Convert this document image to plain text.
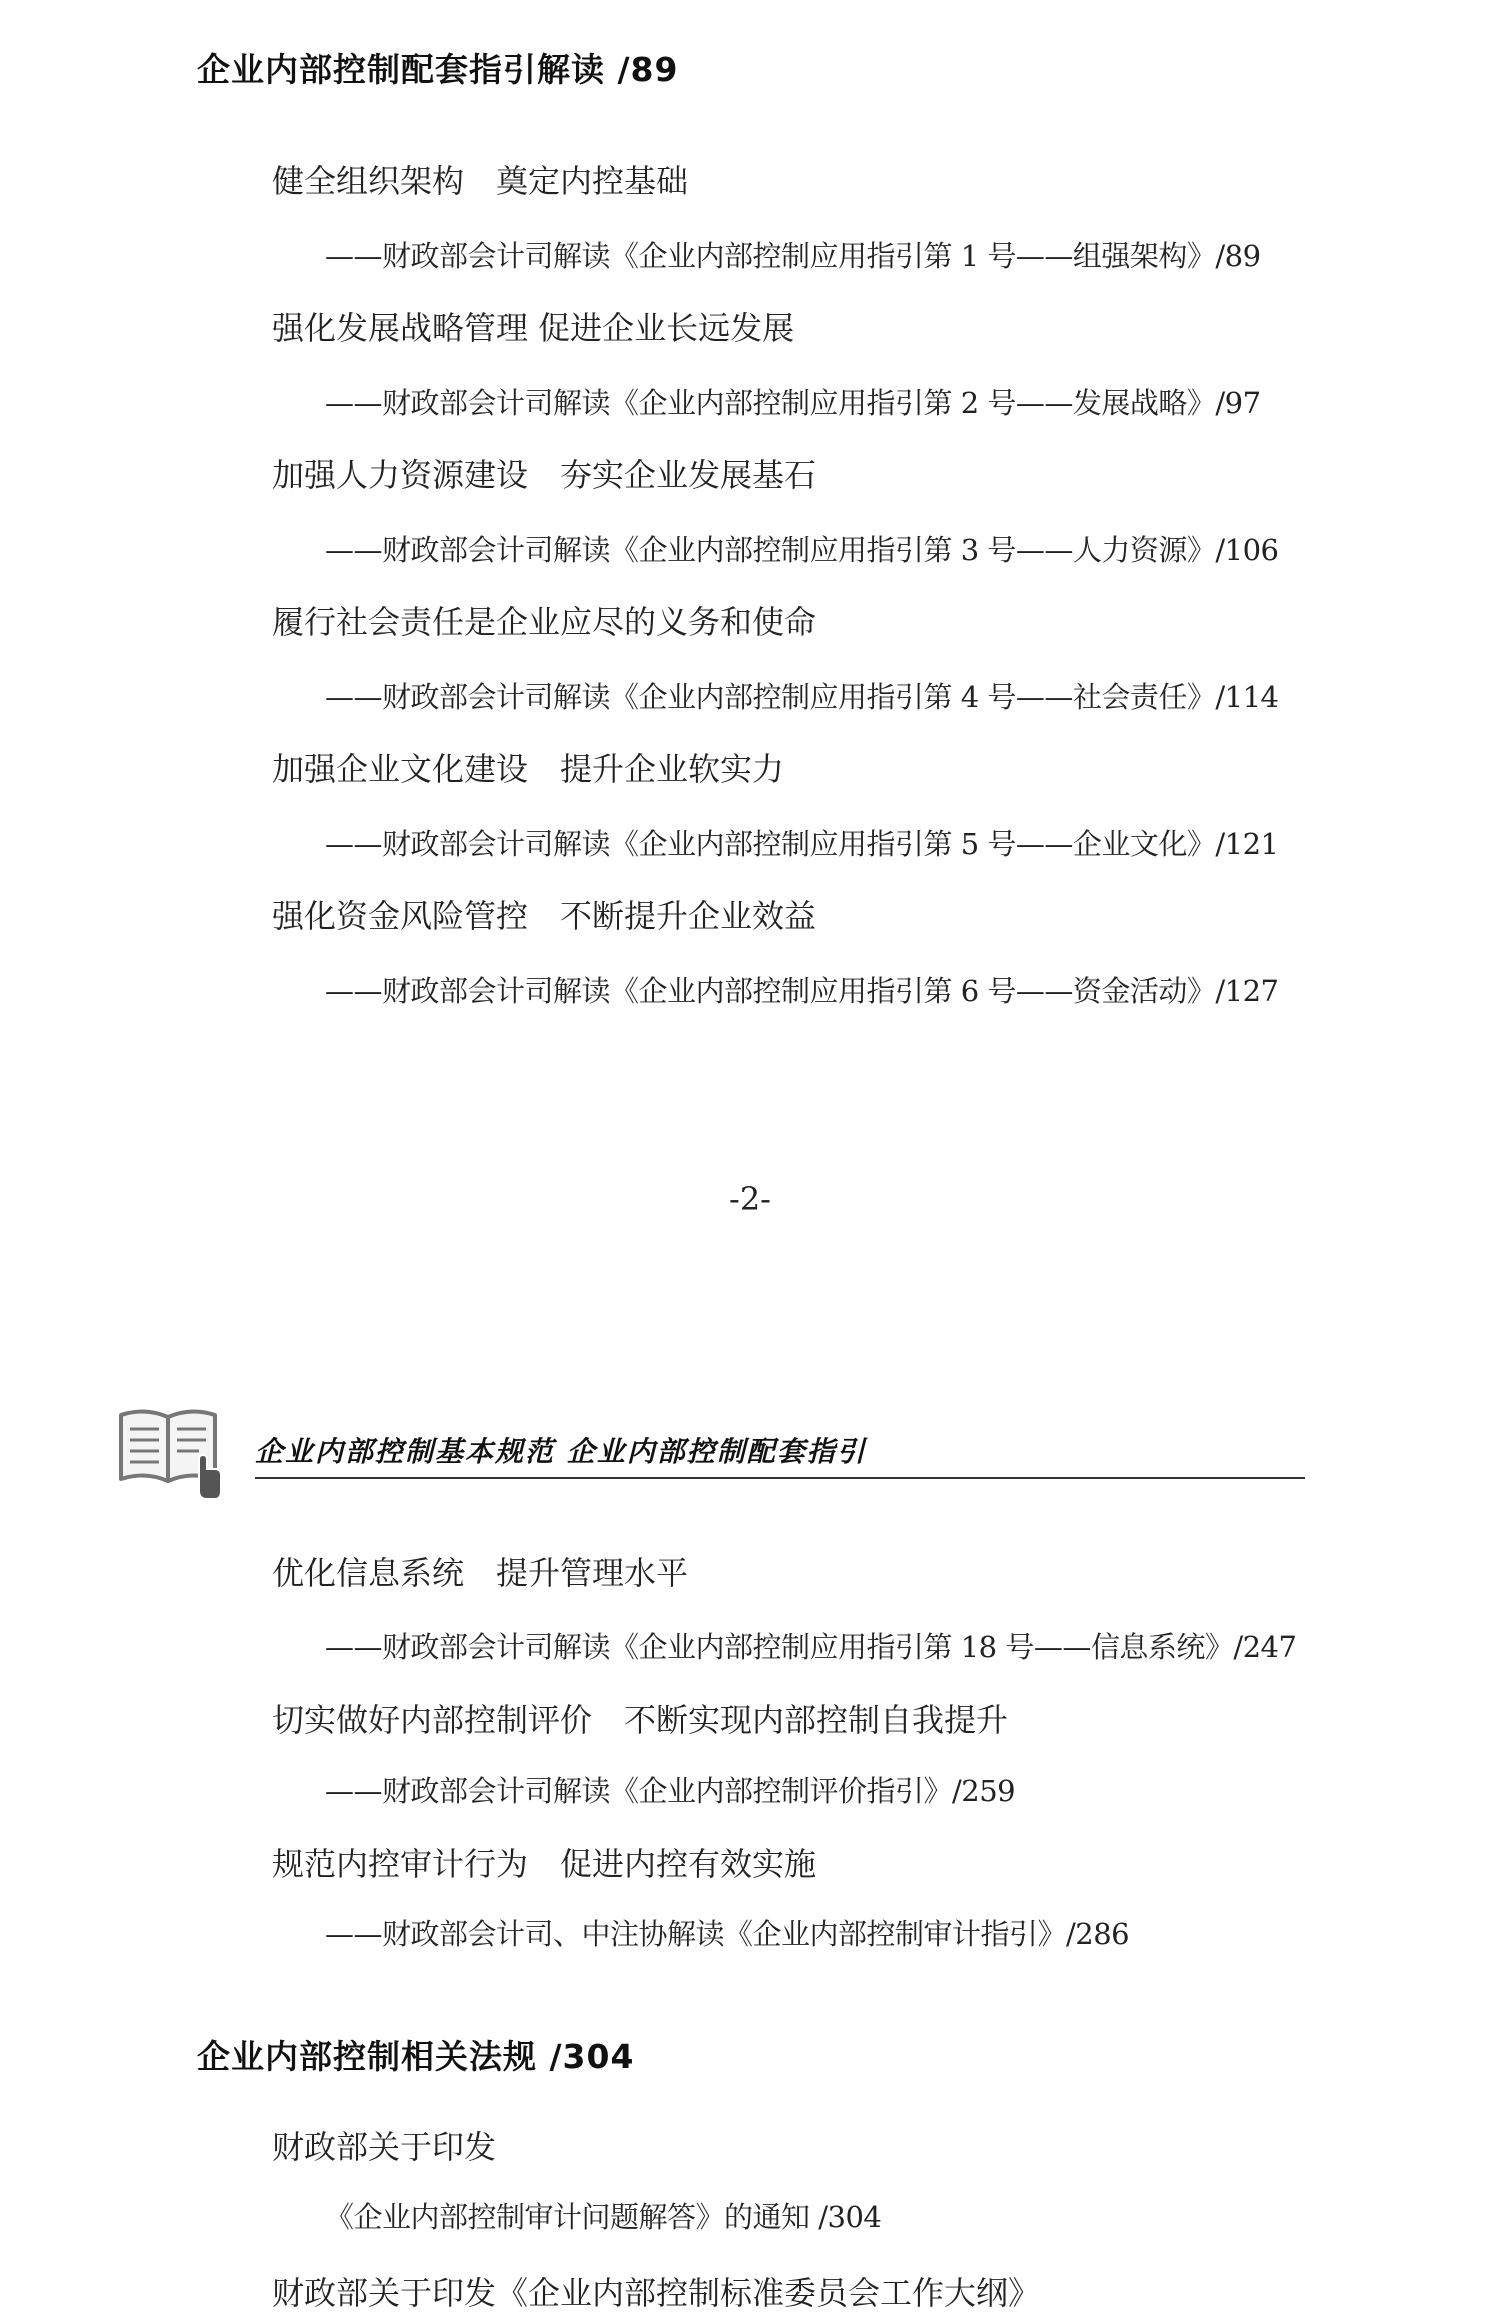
企业内部控制配套指引解读 /89
健全组织架构　奠定内控基础
——财政部会计司解读《企业内部控制应用指引第 1 号——组强架构》/89
强化发展战略管理 促进企业长远发展
——财政部会计司解读《企业内部控制应用指引第 2 号——发展战略》/97
加强人力资源建设　夯实企业发展基石
——财政部会计司解读《企业内部控制应用指引第 3 号——人力资源》/106
履行社会责任是企业应尽的义务和使命
——财政部会计司解读《企业内部控制应用指引第 4 号——社会责任》/114
加强企业文化建设　提升企业软实力
——财政部会计司解读《企业内部控制应用指引第 5 号——企业文化》/121
强化资金风险管控　不断提升企业效益
——财政部会计司解读《企业内部控制应用指引第 6 号——资金活动》/127
-2-
企业内部控制基本规范 企业内部控制配套指引
优化信息系统　提升管理水平
——财政部会计司解读《企业内部控制应用指引第 18 号——信息系统》/247
切实做好内部控制评价　不断实现内部控制自我提升
——财政部会计司解读《企业内部控制评价指引》/259
规范内控审计行为　促进内控有效实施
——财政部会计司、中注协解读《企业内部控制审计指引》/286
企业内部控制相关法规 /304
财政部关于印发
《企业内部控制审计问题解答》的通知 /304
财政部关于印发《企业内部控制标准委员会工作大纲》
